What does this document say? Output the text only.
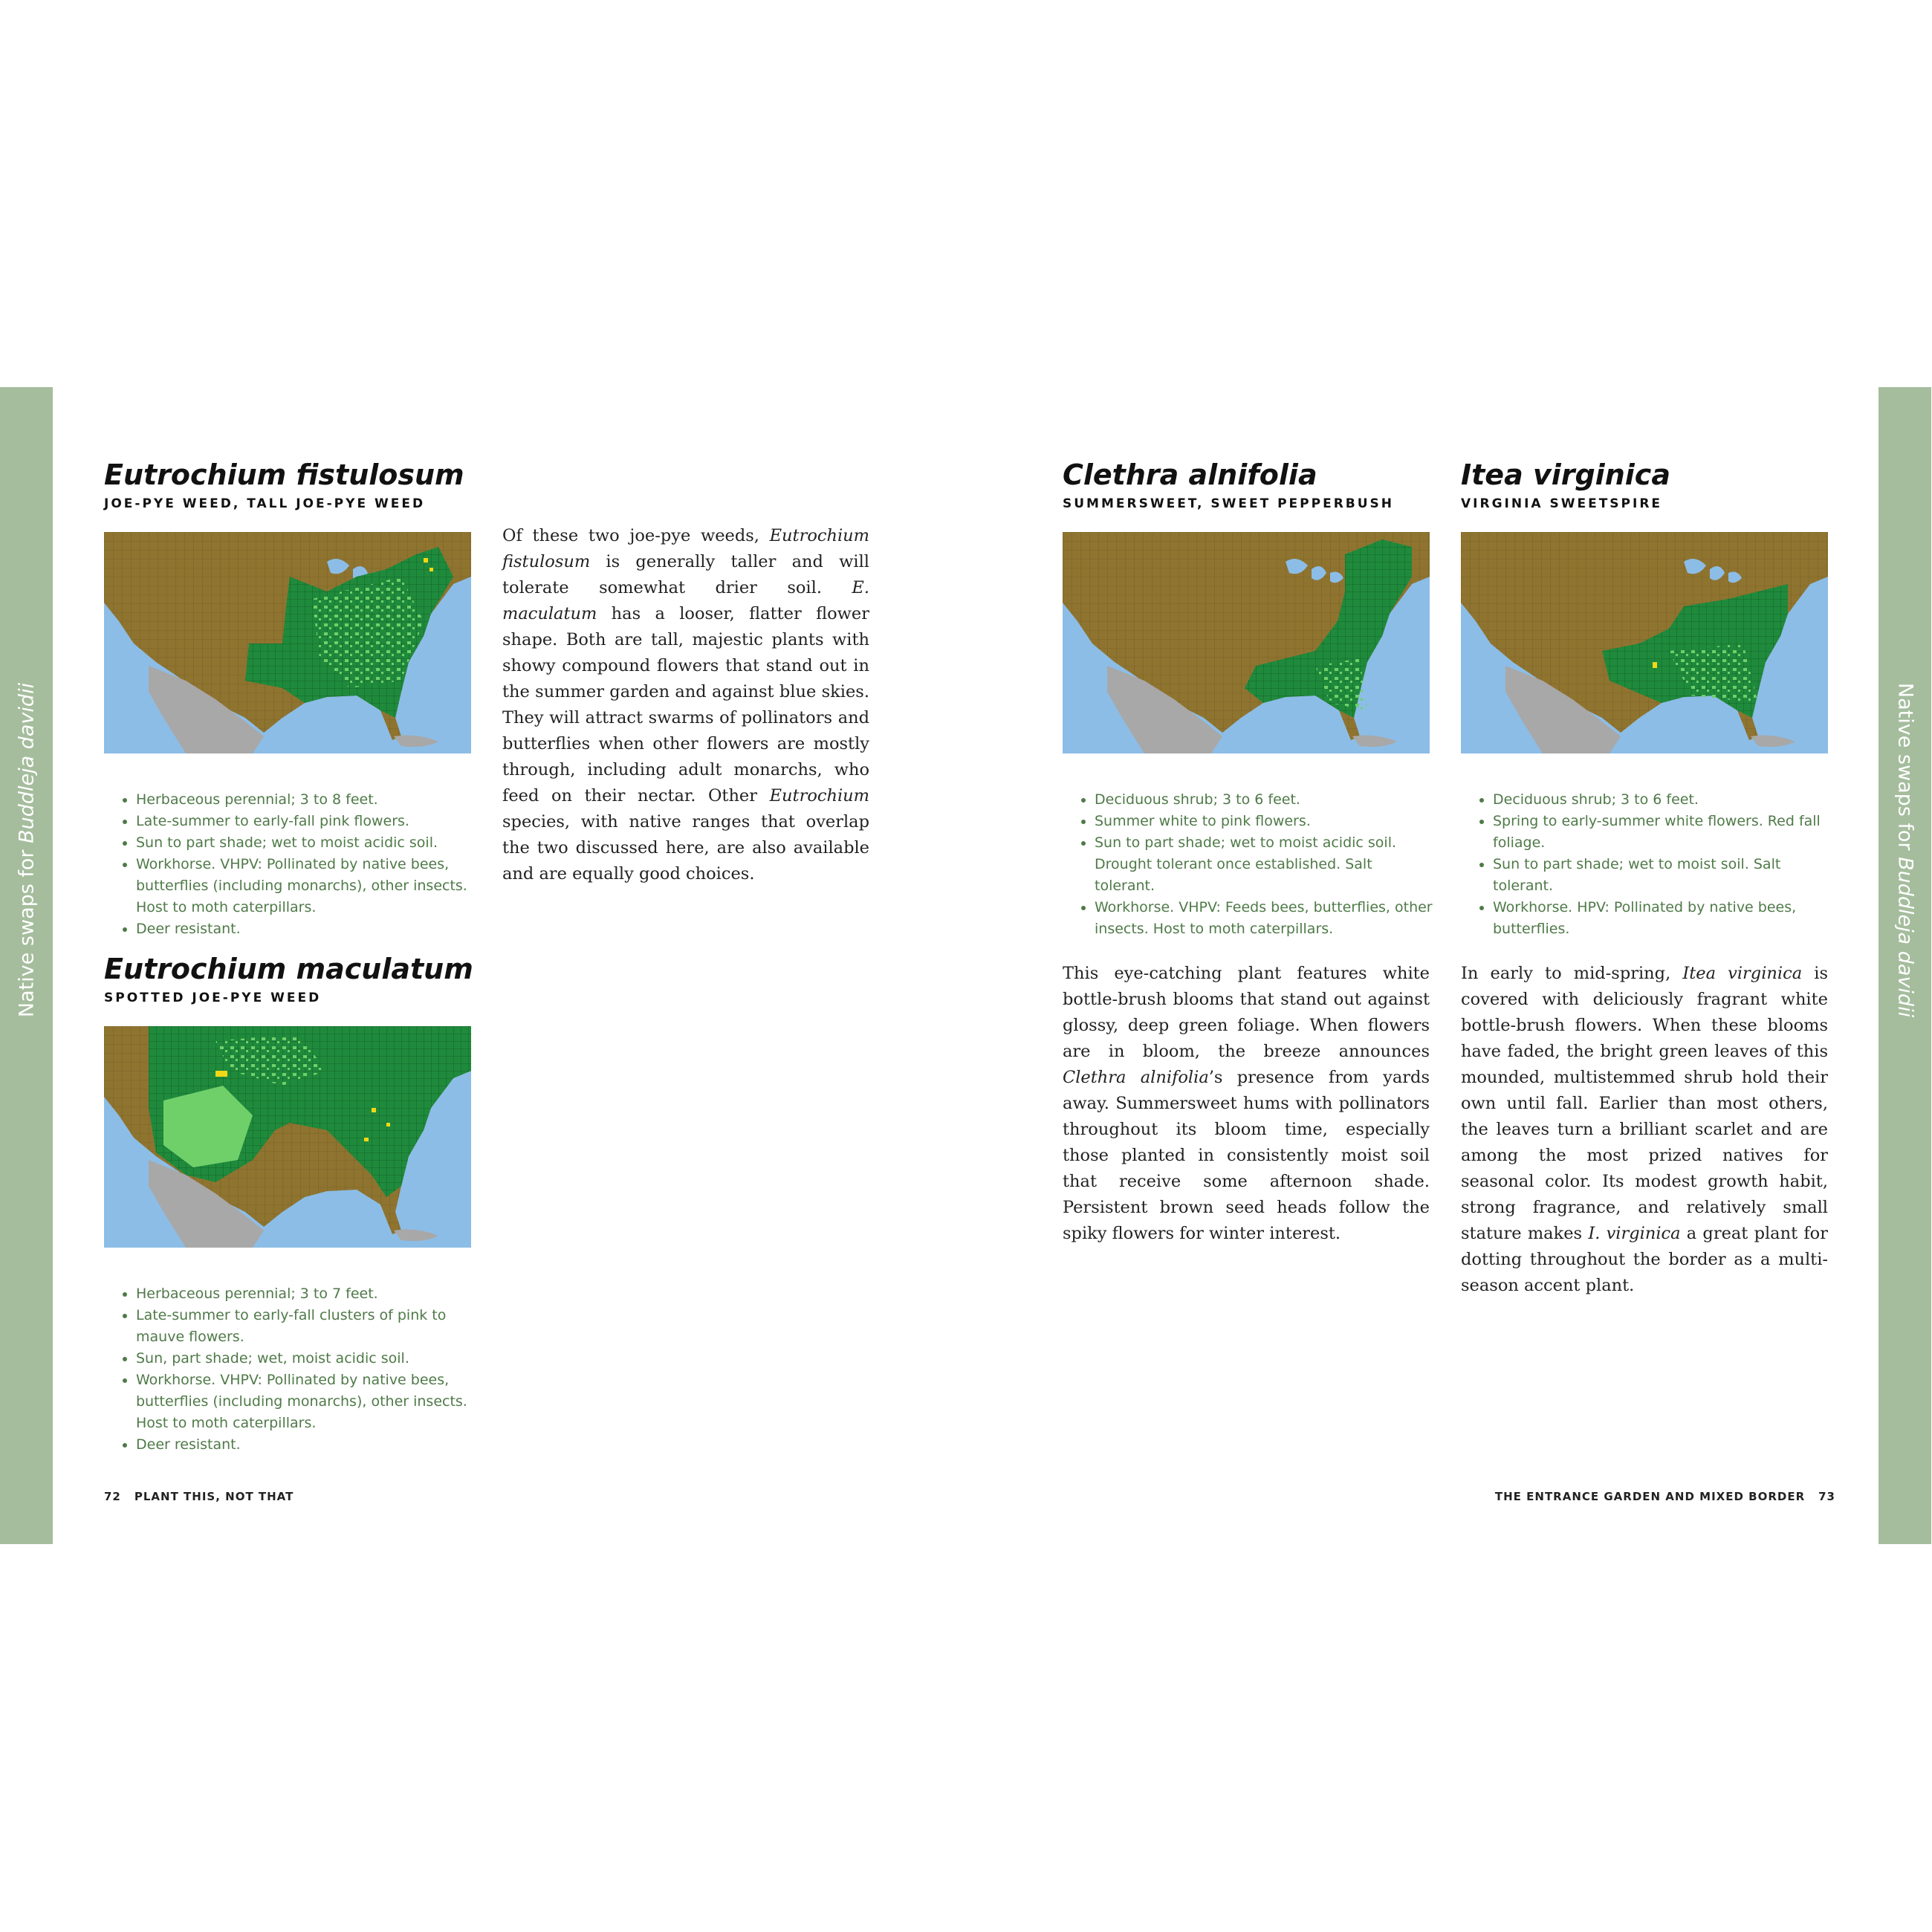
Native swaps for Buddleja davidii	Native swaps for Buddleja davidii
Eutrochium fistulosum
JOE-PYE WEED, TALL JOE-PYE WEED
• Herbaceous perennial; 3 to 8 feet.
• Late-summer to early-fall pink flowers.
• Sun to part shade; wet to moist acidic soil.
• Workhorse. VHPV: Pollinated by native bees, butterflies (including monarchs), other insects. Host to moth caterpillars.
• Deer resistant.

Of these two joe-pye weeds, Eutrochium fistulosum is generally taller and will tolerate somewhat drier soil. E. maculatum has a looser, flatter flower shape. Both are tall, majestic plants with showy compound flowers that stand out in the summer garden and against blue skies. They will attract swarms of pollinators and butterflies when other flowers are mostly through, including adult monarchs, who feed on their nectar. Other Eutrochium species, with native ranges that overlap the two discussed here, are also available and are equally good choices.

Eutrochium maculatum
SPOTTED JOE-PYE WEED
• Herbaceous perennial; 3 to 7 feet.
• Late-summer to early-fall clusters of pink to mauve flowers.
• Sun, part shade; wet, moist acidic soil.
• Workhorse. VHPV: Pollinated by native bees, butterflies (including monarchs), other insects. Host to moth caterpillars.
• Deer resistant.
Clethra alnifolia
SUMMERSWEET, SWEET PEPPERBUSH
• Deciduous shrub; 3 to 6 feet.
• Summer white to pink flowers.
• Sun to part shade; wet to moist acidic soil. Drought tolerant once established. Salt tolerant.
• Workhorse. VHPV: Feeds bees, butterflies, other insects. Host to moth caterpillars.

This eye-catching plant features white bottle-brush blooms that stand out against glossy, deep green foliage. When flowers are in bloom, the breeze announces Clethra alnifolia’s presence from yards away. Summersweet hums with pollinators throughout its bloom time, especially those planted in consistently moist soil that receive some afternoon shade. Persistent brown seed heads follow the spiky flowers for winter interest.

Itea virginica
VIRGINIA SWEETSPIRE
• Deciduous shrub; 3 to 6 feet.
• Spring to early-summer white flowers. Red fall foliage.
• Sun to part shade; wet to moist soil. Salt tolerant.
• Workhorse. HPV: Pollinated by native bees, butterflies.

In early to mid-spring, Itea virginica is covered with deliciously fragrant white bottle-brush flowers. When these blooms have faded, the bright green leaves of this mounded, multistemmed shrub hold their own until fall. Earlier than most others, the leaves turn a brilliant scarlet and are among the most prized natives for seasonal color. Its modest growth habit, strong fragrance, and relatively small stature makes I. virginica a great plant for dotting throughout the border as a multi-season accent plant.

72 PLANT THIS, NOT THAT	THE ENTRANCE GARDEN AND MIXED BORDER 73
